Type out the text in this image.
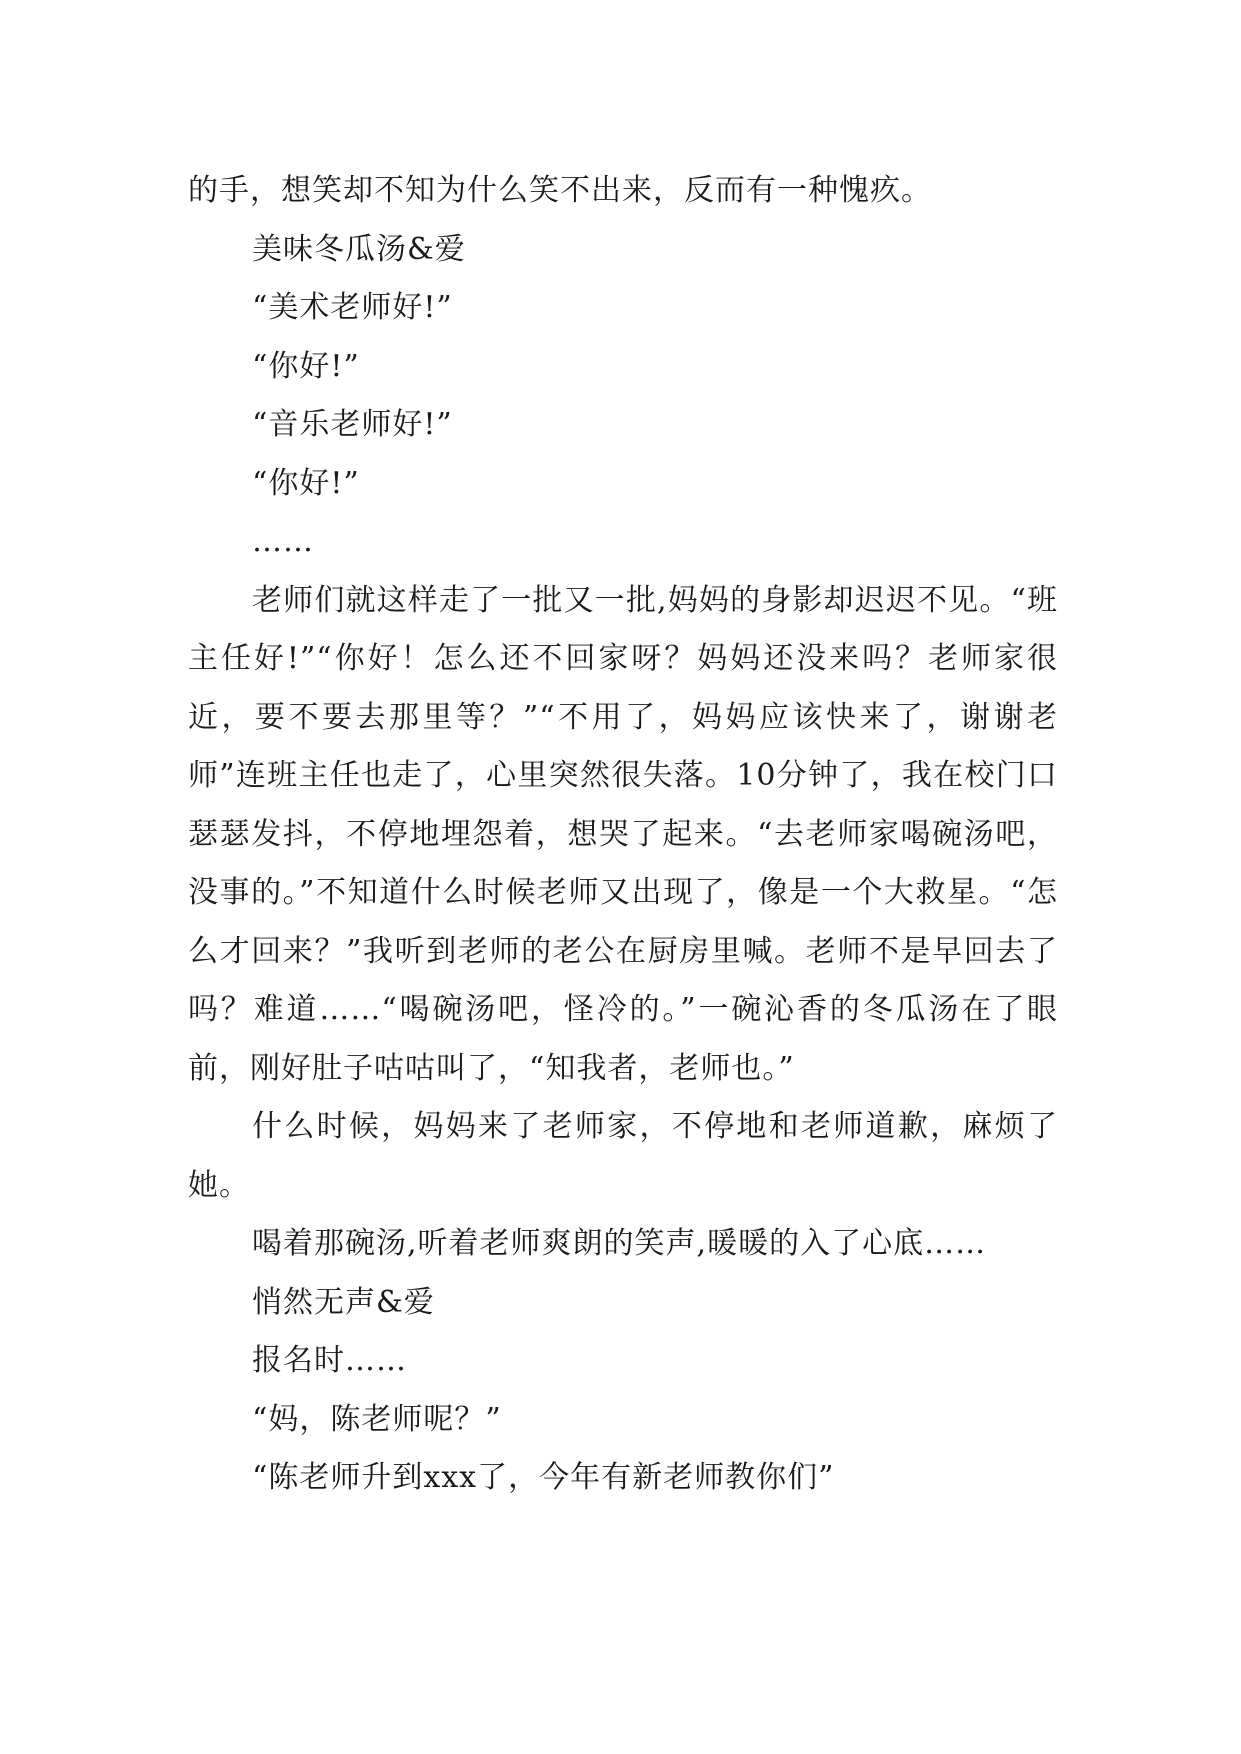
的手，想笑却不知为什么笑不出来，反而有一种愧疚。

美味冬瓜汤&爱

“美术老师好!”

“你好!”

“音乐老师好!”

“你好!”

……

老师们就这样走了一批又一批,妈妈的身影却迟迟不见。“班主任好!”“你好！怎么还不回家呀？妈妈还没来吗？老师家很近，要不要去那里等？”“不用了，妈妈应该快来了，谢谢老师”连班主任也走了，心里突然很失落。10分钟了，我在校门口瑟瑟发抖，不停地埋怨着，想哭了起来。“去老师家喝碗汤吧，没事的。”不知道什么时候老师又出现了，像是一个大救星。“怎么才回来？”我听到老师的老公在厨房里喊。老师不是早回去了吗？难道……“喝碗汤吧，怪冷的。”一碗沁香的冬瓜汤在了眼前，刚好肚子咕咕叫了，“知我者，老师也。”

什么时候，妈妈来了老师家，不停地和老师道歉，麻烦了她。

喝着那碗汤,听着老师爽朗的笑声,暖暖的入了心底……

悄然无声&爱

报名时……

“妈，陈老师呢？”

“陈老师升到xxx了，今年有新老师教你们”
